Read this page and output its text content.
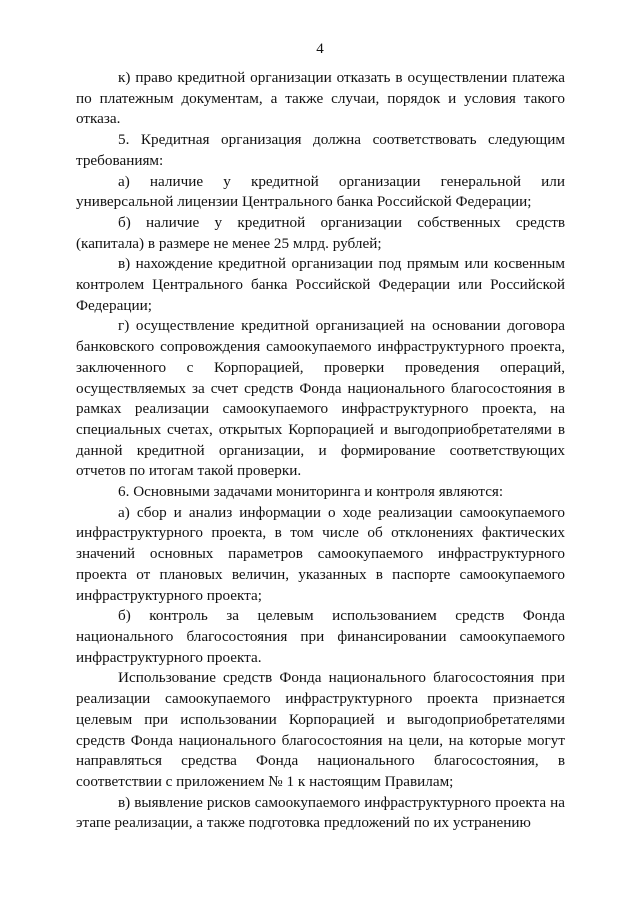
4

к) право кредитной организации отказать в осуществлении платежа по платежным документам, а также случаи, порядок и условия такого отказа.

5. Кредитная организация должна соответствовать следующим требованиям:

а) наличие у кредитной организации генеральной или универсальной лицензии Центрального банка Российской Федерации;

б) наличие у кредитной организации собственных средств (капитала) в размере не менее 25 млрд. рублей;

в) нахождение кредитной организации под прямым или косвенным контролем Центрального банка Российской Федерации или Российской Федерации;

г) осуществление кредитной организацией на основании договора банковского сопровождения самоокупаемого инфраструктурного проекта, заключенного с Корпорацией, проверки проведения операций, осуществляемых за счет средств Фонда национального благосостояния в рамках реализации самоокупаемого инфраструктурного проекта, на специальных счетах, открытых Корпорацией и выгодоприобретателями в данной кредитной организации, и формирование соответствующих отчетов по итогам такой проверки.

6. Основными задачами мониторинга и контроля являются:

а) сбор и анализ информации о ходе реализации самоокупаемого инфраструктурного проекта, в том числе об отклонениях фактических значений основных параметров самоокупаемого инфраструктурного проекта от плановых величин, указанных в паспорте самоокупаемого инфраструктурного проекта;

б) контроль за целевым использованием средств Фонда национального благосостояния при финансировании самоокупаемого инфраструктурного проекта.

Использование средств Фонда национального благосостояния при реализации самоокупаемого инфраструктурного проекта признается целевым при использовании Корпорацией и выгодоприобретателями средств Фонда национального благосостояния на цели, на которые могут направляться средства Фонда национального благосостояния, в соответствии с приложением № 1 к настоящим Правилам;

в) выявление рисков самоокупаемого инфраструктурного проекта на этапе реализации, а также подготовка предложений по их устранению
